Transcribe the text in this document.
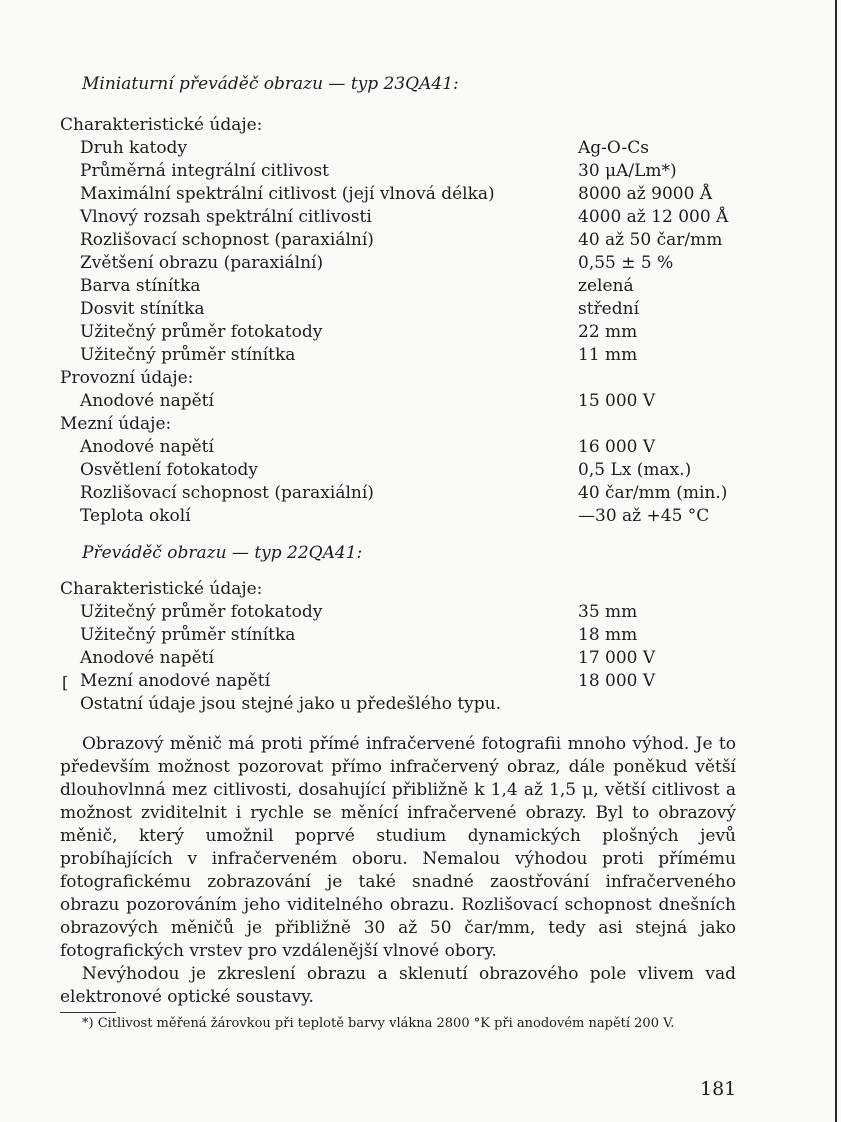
Miniaturní převáděč obrazu — typ 23QA41:
Charakteristické údaje:
Druh katody	Ag-O-Cs
Průměrná integrální citlivost	30 μA/Lm*)
Maximální spektrální citlivost (její vlnová délka)	8000 až 9000 Å
Vlnový rozsah spektrální citlivosti	4000 až 12 000 Å
Rozlišovací schopnost (paraxiální)	40 až 50 čar/mm
Zvětšení obrazu (paraxiální)	0,55 ± 5 %
Barva stínítka	zelená
Dosvit stínítka	střední
Užitečný průměr fotokatody	22 mm
Užitečný průměr stínítka	11 mm
Provozní údaje:
Anodové napětí	15 000 V
Mezní údaje:
Anodové napětí	16 000 V
Osvětlení fotokatody	0,5 Lx (max.)
Rozlišovací schopnost (paraxiální)	40 čar/mm (min.)
Teplota okolí	—30 až +45 °C
Převáděč obrazu — typ 22QA41:
Charakteristické údaje:
Užitečný průměr fotokatody	35 mm
Užitečný průměr stínítka	18 mm
Anodové napětí	17 000 V
Mezní anodové napětí	18 000 V
Ostatní údaje jsou stejné jako u předešlého typu.
[

Obrazový měnič má proti přímé infračervené fotografii mnoho výhod. Je to především možnost pozorovat přímo infračervený obraz, dále poněkud větší dlouhovlnná mez citlivosti, dosahující přibližně k 1,4 až 1,5 μ, větší citlivost a možnost zviditelnit i rychle se měnící infračervené obrazy. Byl to obrazový měnič, který umožnil poprvé studium dynamických plošných jevů probíhajících v infračerveném oboru. Nemalou výhodou proti přímému fotografickému zobrazování je také snadné zaostřování infračerveného obrazu pozorováním jeho viditelného obrazu. Rozlišovací schopnost dnešních obrazových měničů je přibližně 30 až 50 čar/mm, tedy asi stejná jako fotografických vrstev pro vzdálenější vlnové obory.

Nevýhodou je zkreslení obrazu a sklenutí obrazového pole vlivem vad elektronové optické soustavy.

*) Citlivost měřená žárovkou při teplotě barvy vlákna 2800 °K při anodovém napětí 200 V.
181
